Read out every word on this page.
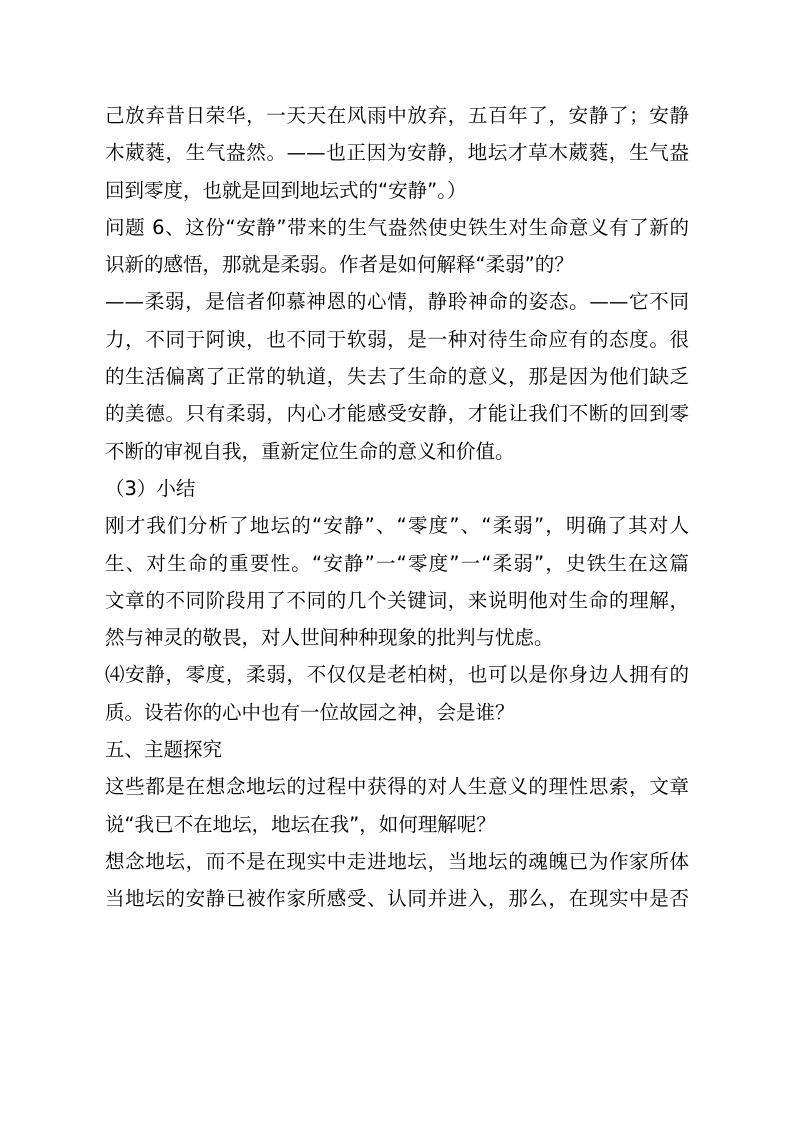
己放弃昔日荣华，一天天在风雨中放弃，五百年了，安静了；安静

木葳蕤，生气盎然。——也正因为安静，地坛才草木葳蕤，生气盎

回到零度，也就是回到地坛式的“安静”。）

问题 6、这份“安静”带来的生气盎然使史铁生对生命意义有了新的

识新的感悟，那就是柔弱。作者是如何解释“柔弱”的？

——柔弱，是信者仰慕神恩的心情，静聆神命的姿态。——它不同

力，不同于阿谀，也不同于软弱，是一种对待生命应有的态度。很

的生活偏离了正常的轨道，失去了生命的意义，那是因为他们缺乏

的美德。只有柔弱，内心才能感受安静，才能让我们不断的回到零

不断的审视自我，重新定位生命的意义和价值。

（3）小结

刚才我们分析了地坛的“安静”、“零度”、“柔弱”，明确了其对人

生、对生命的重要性。“安静”一“零度”一“柔弱”，史铁生在这篇

文章的不同阶段用了不同的几个关键词，来说明他对生命的理解，

然与神灵的敬畏，对人世间种种现象的批判与忧虑。

⑷安静，零度，柔弱，不仅仅是老柏树，也可以是你身边人拥有的

质。设若你的心中也有一位故园之神，会是谁？

五、主题探究

这些都是在想念地坛的过程中获得的对人生意义的理性思索，文章

说“我已不在地坛，地坛在我”，如何理解呢？

想念地坛，而不是在现实中走进地坛，当地坛的魂魄已为作家所体

当地坛的安静已被作家所感受、认同并进入，那么，在现实中是否
